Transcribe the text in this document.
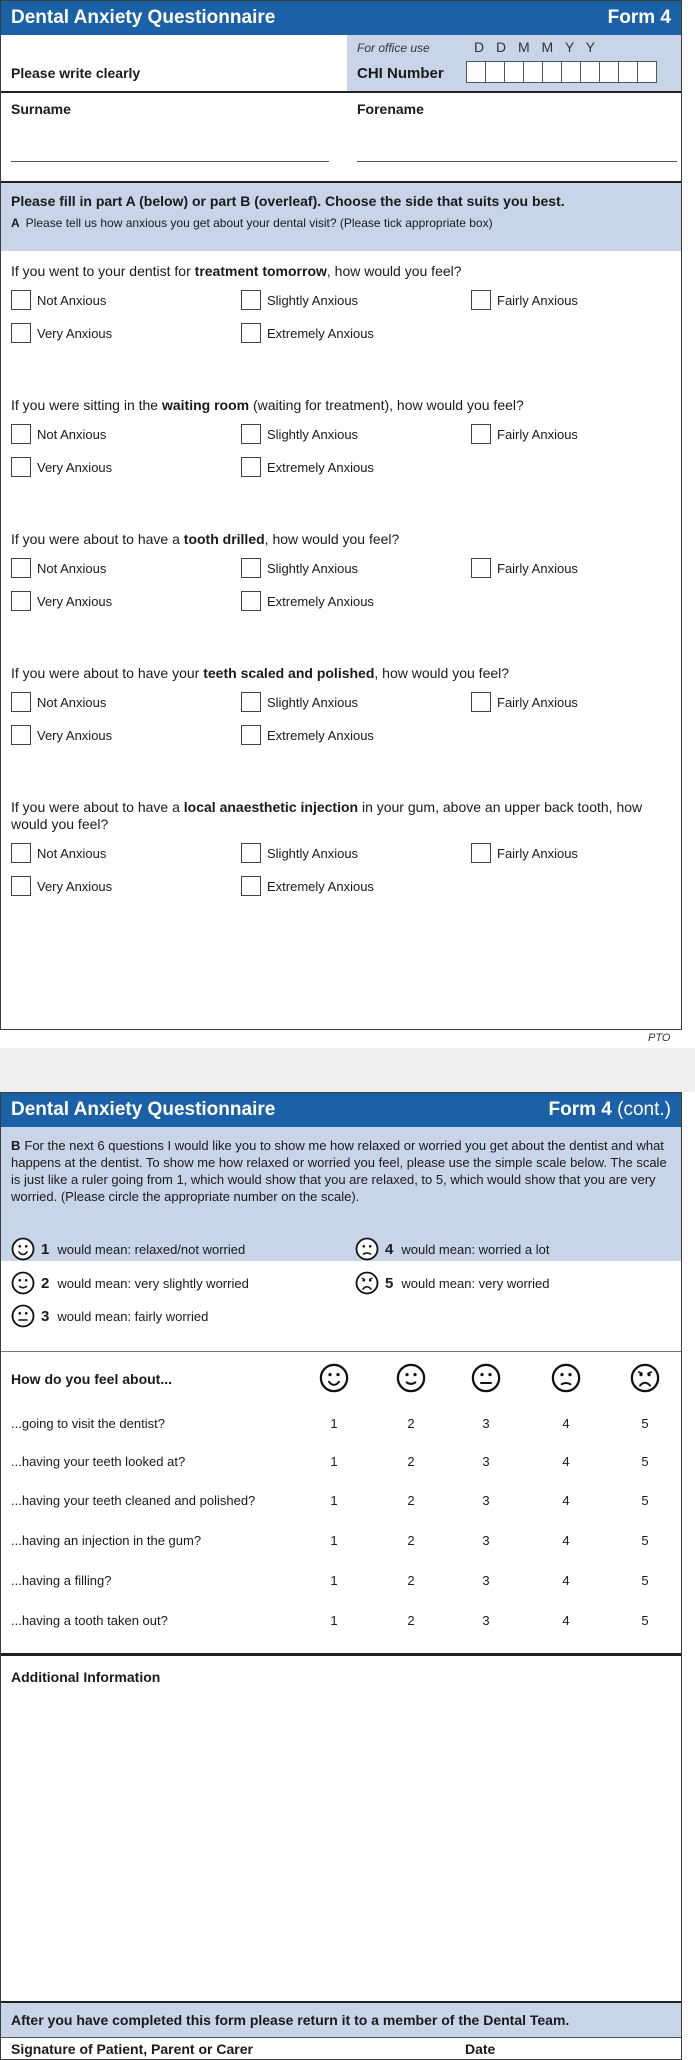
Dental Anxiety Questionnaire	Form 4
For office use	D D M M Y Y
CHI Number
Please write clearly
Surname	Forename
Please fill in part A (below) or part B (overleaf). Choose the side that suits you best.
A Please tell us how anxious you get about your dental visit? (Please tick appropriate box)
If you went to your dentist for treatment tomorrow, how would you feel?
Not Anxious	Slightly Anxious	Fairly Anxious
Very Anxious	Extremely Anxious
If you were sitting in the waiting room (waiting for treatment), how would you feel?
Not Anxious	Slightly Anxious	Fairly Anxious
Very Anxious	Extremely Anxious
If you were about to have a tooth drilled, how would you feel?
Not Anxious	Slightly Anxious	Fairly Anxious
Very Anxious	Extremely Anxious
If you were about to have your teeth scaled and polished, how would you feel?
Not Anxious	Slightly Anxious	Fairly Anxious
Very Anxious	Extremely Anxious
If you were about to have a local anaesthetic injection in your gum, above an upper back tooth, how would you feel?
Not Anxious	Slightly Anxious	Fairly Anxious
Very Anxious	Extremely Anxious
PTO
Dental Anxiety Questionnaire	Form 4 (cont.)
B For the next 6 questions I would like you to show me how relaxed or worried you get about the dentist and what happens at the dentist. To show me how relaxed or worried you feel, please use the simple scale below. The scale is just like a ruler going from 1, which would show that you are relaxed, to 5, which would show that you are very worried. (Please circle the appropriate number on the scale).
1 would mean: relaxed/not worried
2 would mean: very slightly worried
3 would mean: fairly worried
4 would mean: worried a lot
5 would mean: very worried
How do you feel about...
...going to visit the dentist?	1	2	3	4	5
...having your teeth looked at?	1	2	3	4	5
...having your teeth cleaned and polished?	1	2	3	4	5
...having an injection in the gum?	1	2	3	4	5
...having a filling?	1	2	3	4	5
...having a tooth taken out?	1	2	3	4	5
Additional Information
After you have completed this form please return it to a member of the Dental Team.
Signature of Patient, Parent or Carer	Date
